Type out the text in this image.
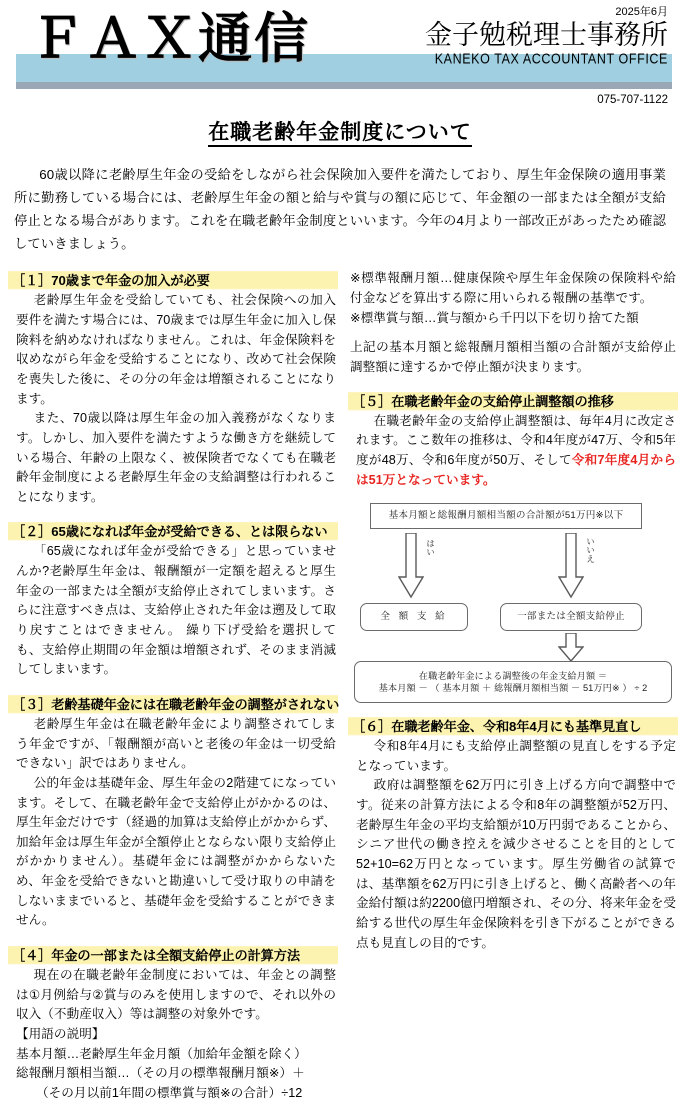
ＦＡＸ通信	2025年6月
金子勉税理士事務所
KANEKO TAX ACCOUNTANT OFFICE
075-707-1122
在職老齢年金制度について

60歳以降に老齢厚生年金の受給をしながら社会保険加入要件を満たしており、厚生年金保険の適用事業所に勤務している場合には、老齢厚生年金の額と給与や賞与の額に応じて、年金額の一部または全額が支給停止となる場合があります。これを在職老齢年金制度といいます。今年の4月より一部改正があったため確認していきましょう。

［１］70歳まで年金の加入が必要

老齢厚生年金を受給していても、社会保険への加入要件を満たす場合には、70歳までは厚生年金に加入し保険料を納めなければなりません。これは、年金保険料を収めながら年金を受給することになり、改めて社会保険を喪失した後に、その分の年金は増額されることになります。

また、70歳以降は厚生年金の加入義務がなくなります。しかし、加入要件を満たすような働き方を継続している場合、年齢の上限なく、被保険者でなくても在職老齢年金制度による老齢厚生年金の支給調整は行われることになります。

［２］65歳になれば年金が受給できる、とは限らない

「65歳になれば年金が受給できる」と思っていませんか?老齢厚生年金は、報酬額が一定額を超えると厚生年金の一部または全額が支給停止されてしまいます。さらに注意すべき点は、支給停止された年金は遡及して取り戻すことはできません。 繰り下げ受給を選択しても、支給停止期間の年金額は増額されず、そのまま消滅してしまいます。

［３］老齢基礎年金には在職老齢年金の調整がされない

老齢厚生年金は在職老齢年金により調整されてしまう年金ですが、「報酬額が高いと老後の年金は一切受給できない」訳ではありません。

公的年金は基礎年金、厚生年金の2階建てになっています。そして、在職老齢年金で支給停止がかかるのは、厚生年金だけです（経過的加算は支給停止がかからず、加給年金は厚生年金が全額停止とならない限り支給停止がかかりません）。基礎年金には調整がかからないため、年金を受給できないと勘違いして受け取りの申請をしないままでいると、基礎年金を受給することができません。

［４］年金の一部または全額支給停止の計算方法

現在の在職老齢年金制度においては、年金との調整は①月例給与②賞与のみを使用しますので、それ以外の収入（不動産収入）等は調整の対象外です。

【用語の説明】

基本月額…老齢厚生年金月額（加給年金額を除く）

総報酬月額相当額…（その月の標準報酬月額※）＋

（その月以前1年間の標準賞与額※の合計）÷12

※標準報酬月額…健康保険や厚生年金保険の保険料や給付金などを算出する際に用いられる報酬の基準です。

※標準賞与額…賞与額から千円以下を切り捨てた額

上記の基本月額と総報酬月額相当額の合計額が支給停止調整額に達するかで停止額が決まります。

［５］在職老齢年金の支給停止調整額の推移

在職老齢年金の支給停止調整額は、毎年4月に改定されます。ここ数年の推移は、令和4年度が47万、令和5年度が48万、令和6年度が50万、そして令和7年度4月からは51万となっています。

基本月額と総報酬月額相当額の合計額が51万円※以下
はい	いいえ
全 額 支 給	一部または全額支給停止
在職老齢年金による調整後の年金支給月額 ＝
基本月額 － （ 基本月額 ＋ 総報酬月額相当額 － 51万円※ ） ÷ 2
［６］在職老齢年金、令和8年4月にも基準見直し

令和8年4月にも支給停止調整額の見直しをする予定となっています。

政府は調整額を62万円に引き上げる方向で調整中です。従来の計算方法による令和8年の調整額が52万円、老齢厚生年金の平均支給額が10万円弱であることから、シニア世代の働き控えを減少させることを目的として52+10=62万円となっています。厚生労働省の試算では、基準額を62万円に引き上げると、働く高齢者への年金給付額は約2200億円増額され、その分、将来年金を受給する世代の厚生年金保険料を引き下がることができる点も見直しの目的です。
